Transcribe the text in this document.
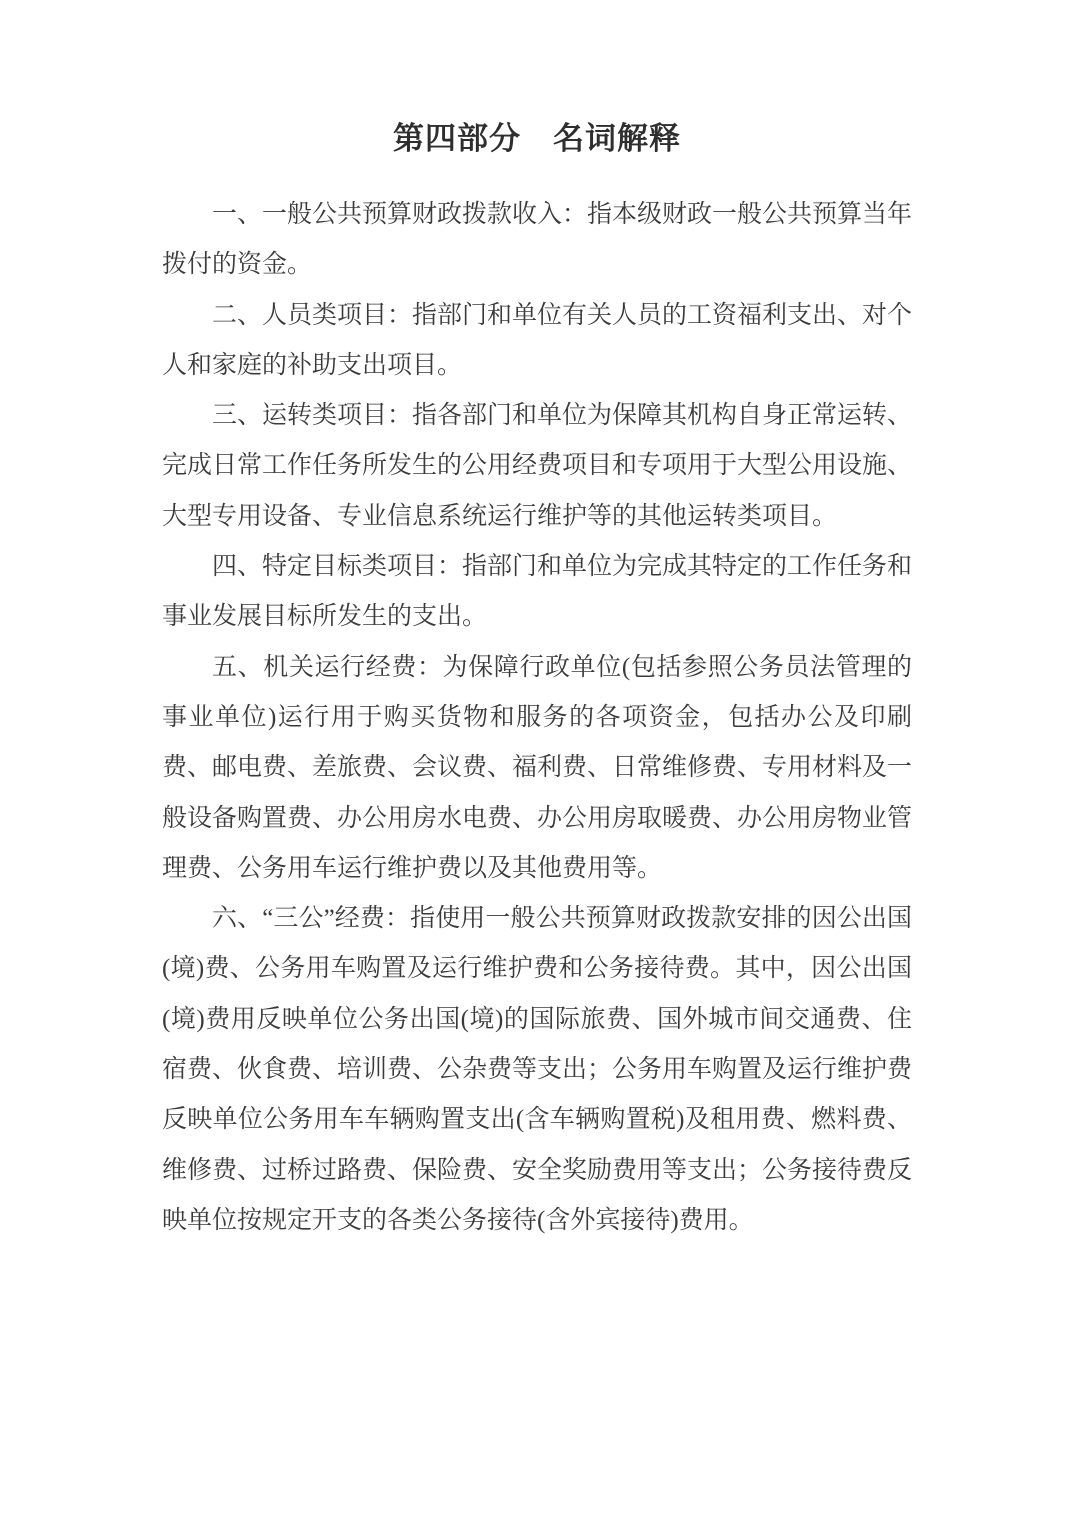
第四部分　名词解释

一、一般公共预算财政拨款收入：指本级财政一般公共预算当年拨付的资金。

二、人员类项目：指部门和单位有关人员的工资福利支出、对个人和家庭的补助支出项目。

三、运转类项目：指各部门和单位为保障其机构自身正常运转、完成日常工作任务所发生的公用经费项目和专项用于大型公用设施、大型专用设备、专业信息系统运行维护等的其他运转类项目。

四、特定目标类项目：指部门和单位为完成其特定的工作任务和事业发展目标所发生的支出。

五、机关运行经费：为保障行政单位(包括参照公务员法管理的事业单位)运行用于购买货物和服务的各项资金，包括办公及印刷费、邮电费、差旅费、会议费、福利费、日常维修费、专用材料及一般设备购置费、办公用房水电费、办公用房取暖费、办公用房物业管理费、公务用车运行维护费以及其他费用等。

六、“三公”经费：指使用一般公共预算财政拨款安排的因公出国(境)费、公务用车购置及运行维护费和公务接待费。其中，因公出国(境)费用反映单位公务出国(境)的国际旅费、国外城市间交通费、住宿费、伙食费、培训费、公杂费等支出；公务用车购置及运行维护费反映单位公务用车车辆购置支出(含车辆购置税)及租用费、燃料费、维修费、过桥过路费、保险费、安全奖励费用等支出；公务接待费反映单位按规定开支的各类公务接待(含外宾接待)费用。
